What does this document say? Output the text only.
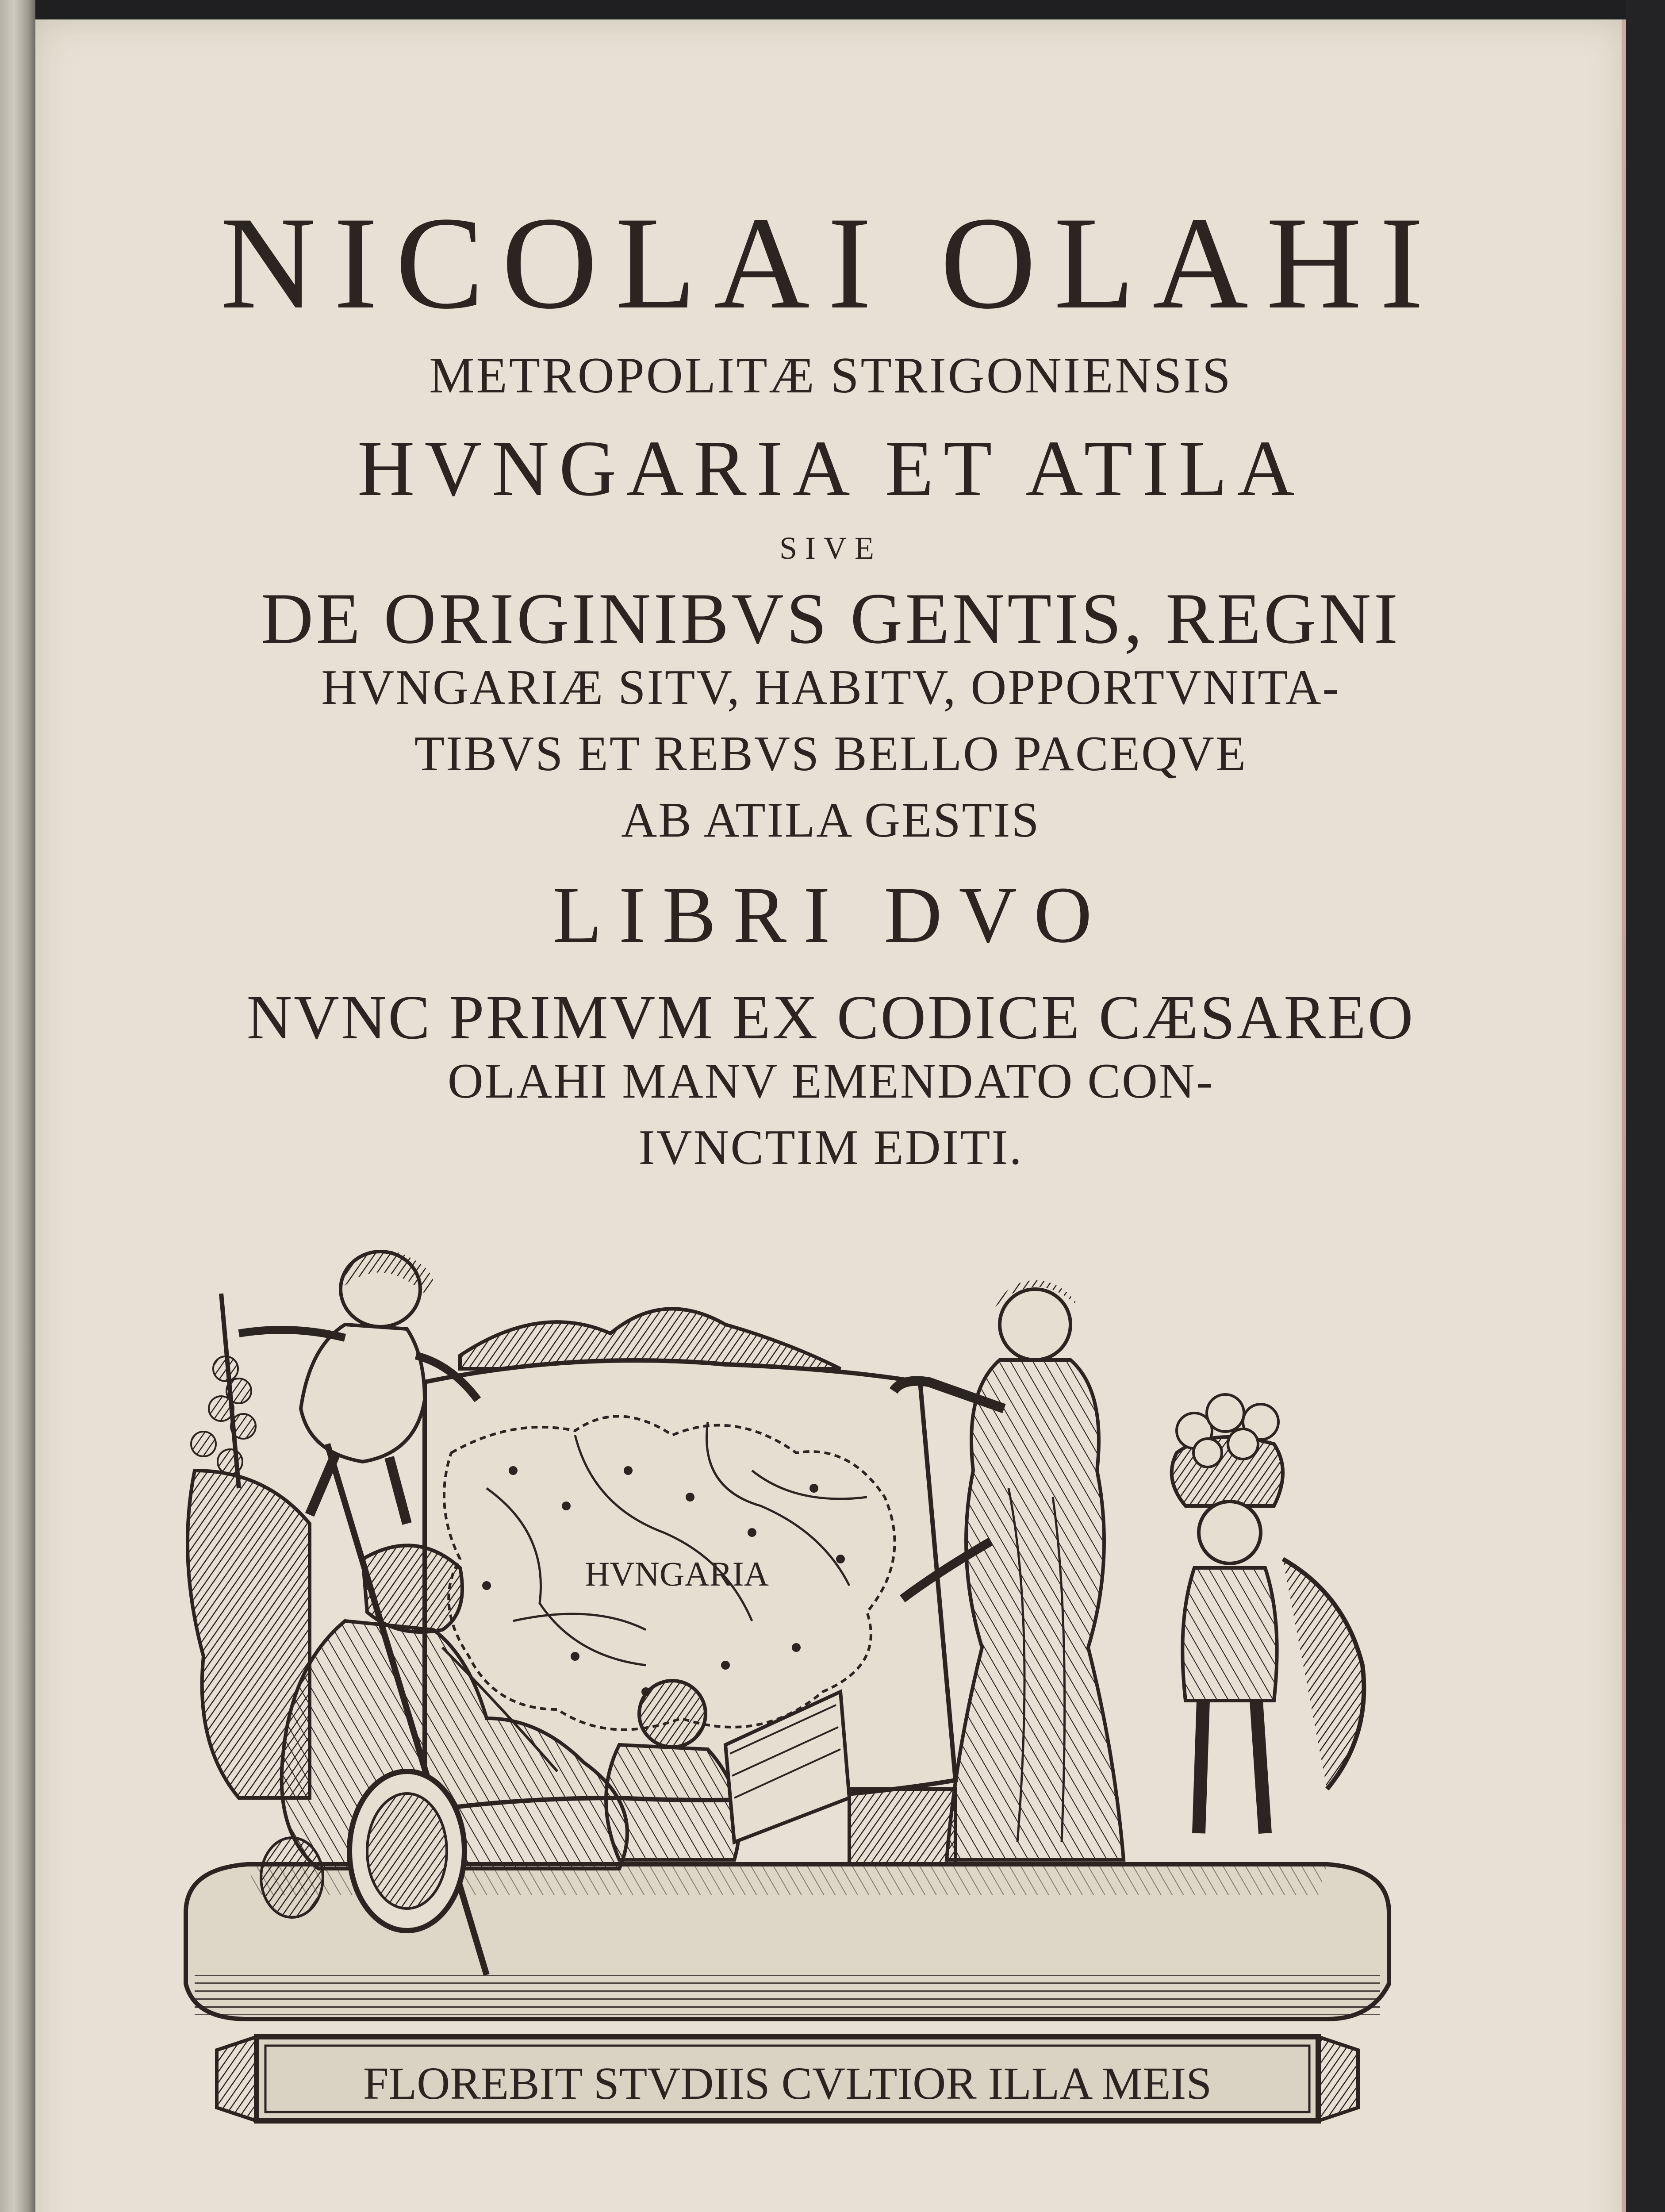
NICOLAI OLAHI
METROPOLITÆ STRIGONIENSIS
HVNGARIA ET ATILA
SIVE
DE ORIGINIBVS GENTIS, REGNI
HVNGARIÆ SITV, HABITV, OPPORTVNITA-
TIBVS ET REBVS BELLO PACEQVE
AB ATILA GESTIS
LIBRI DVO
NVNC PRIMVM EX CODICE CÆSAREO
OLAHI MANV EMENDATO CON-
IVNCTIM EDITI.
FLOREBIT STVDIIS CVLTIOR ILLA MEIS
HVNGARIA
